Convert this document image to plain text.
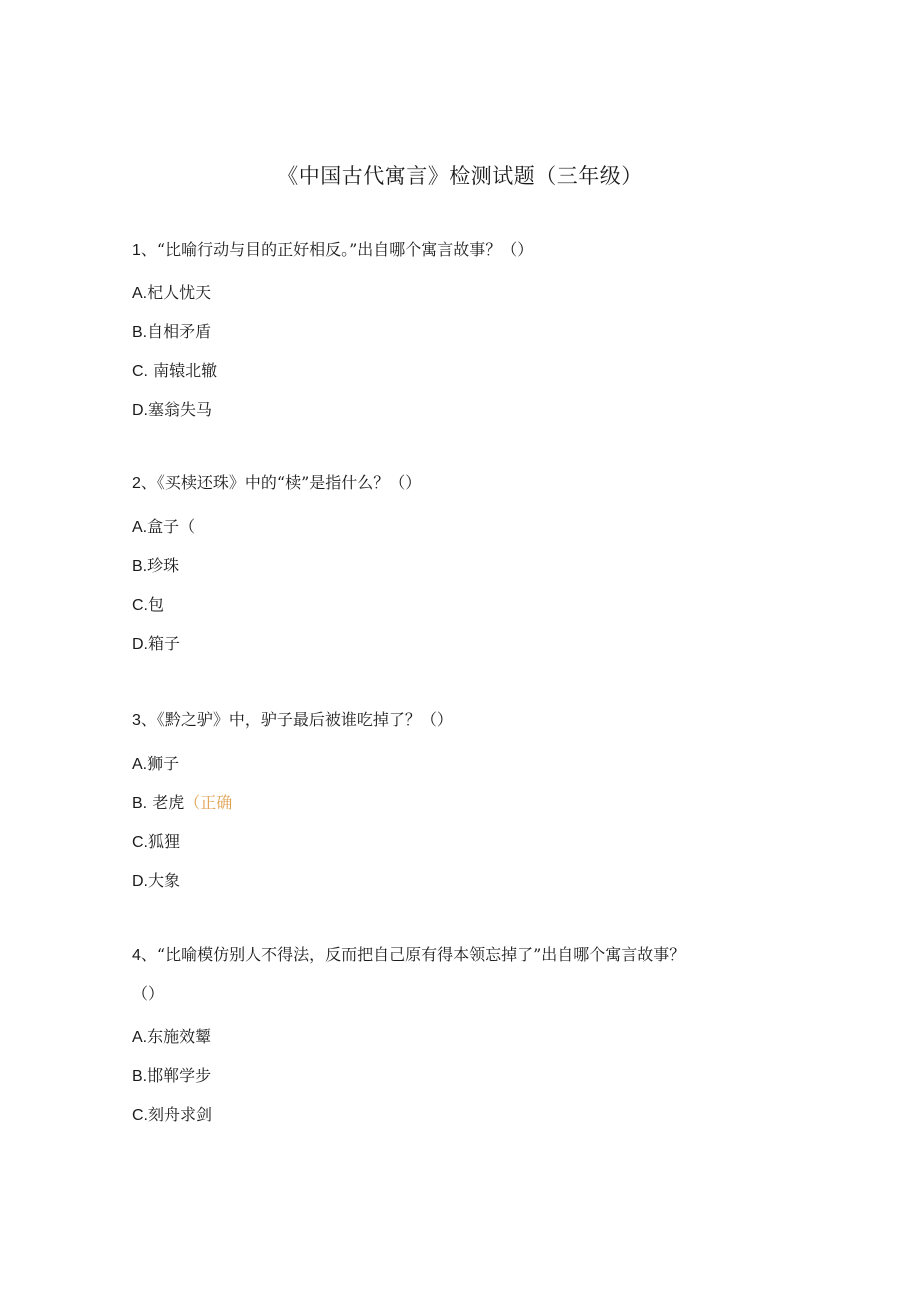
《中国古代寓言》检测试题（三年级）
1、“比喻行动与目的正好相反。”出自哪个寓言故事？（）
A.杞人忧天
B.自相矛盾
C. 南辕北辙
D.塞翁失马
2、《买椟还珠》中的“椟”是指什么？（）
A.盒子（
B.珍珠
C.包
D.箱子
3、《黔之驴》中，驴子最后被谁吃掉了？（）
A.狮子
B. 老虎（正确
C.狐狸
D.大象
4、“比喻模仿别人不得法，反而把自己原有得本领忘掉了”出自哪个寓言故事？
（）
A.东施效颦
B.邯郸学步
C.刻舟求剑
